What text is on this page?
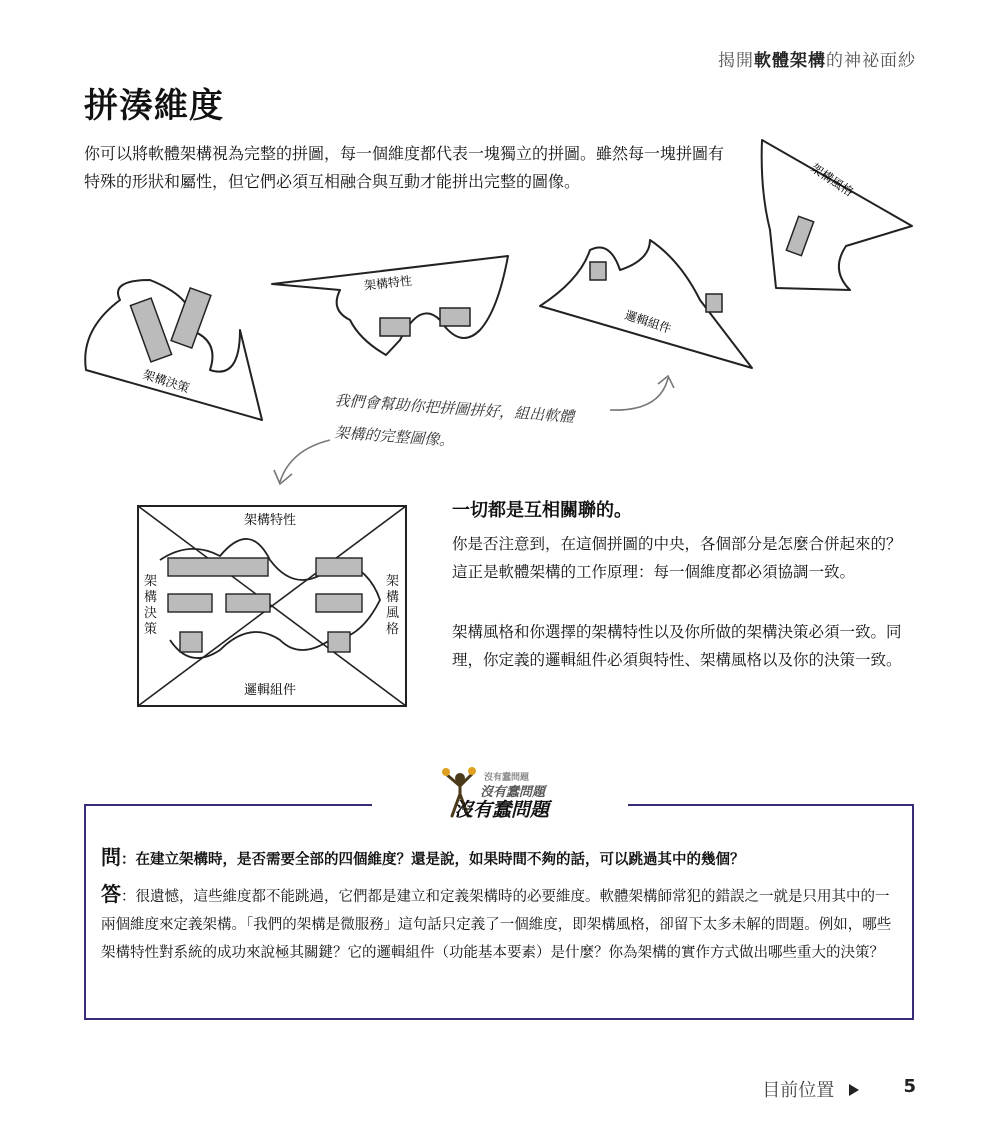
揭開軟體架構的神祕面紗
拼湊維度
你可以將軟體架構視為完整的拼圖，每一個維度都代表一塊獨立的拼圖。雖然每一塊拼圖有特殊的形狀和屬性，但它們必須互相融合與互動才能拼出完整的圖像。
架構決策
架構特性
邏輯組件
架構風格
我們會幫助你把拼圖拼好，組出軟體
架構的完整圖像。
架構特性
邏輯組件
架構決策
架構風格
一切都是互相關聯的。

你是否注意到，在這個拼圖的中央，各個部分是怎麼合併起來的？這正是軟體架構的工作原理：每一個維度都必須協調一致。

架構風格和你選擇的架構特性以及你所做的架構決策必須一致。同理，你定義的邏輯組件必須與特性、架構風格以及你的決策一致。

沒有蠢問題
沒有蠢問題
沒有蠢問題
問：在建立架構時，是否需要全部的四個維度？還是說，如果時間不夠的話，可以跳過其中的幾個？

答：很遺憾，這些維度都不能跳過，它們都是建立和定義架構時的必要維度。軟體架構師常犯的錯誤之一就是只用其中的一兩個維度來定義架構。「我們的架構是微服務」這句話只定義了一個維度，即架構風格，卻留下太多未解的問題。例如，哪些架構特性對系統的成功來說極其關鍵？它的邏輯組件（功能基本要素）是什麼？你為架構的實作方式做出哪些重大的決策？

目前位置	5
